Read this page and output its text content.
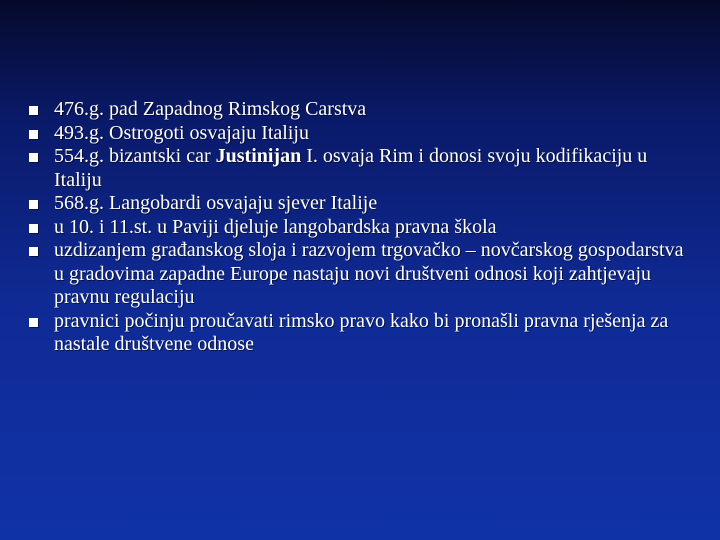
476.g. pad Zapadnog Rimskog Carstva
493.g. Ostrogoti osvajaju Italiju
554.g. bizantski car Justinijan I. osvaja Rim i donosi svoju kodifikaciju u Italiju
568.g. Langobardi osvajaju sjever Italije
u 10. i 11.st. u Paviji djeluje langobardska pravna škola
uzdizanjem građanskog sloja i razvojem trgovačko – novčarskog gospodarstva u gradovima zapadne Europe nastaju novi društveni odnosi koji zahtjevaju pravnu regulaciju
pravnici počinju proučavati rimsko pravo kako bi pronašli pravna rješenja za nastale društvene odnose
